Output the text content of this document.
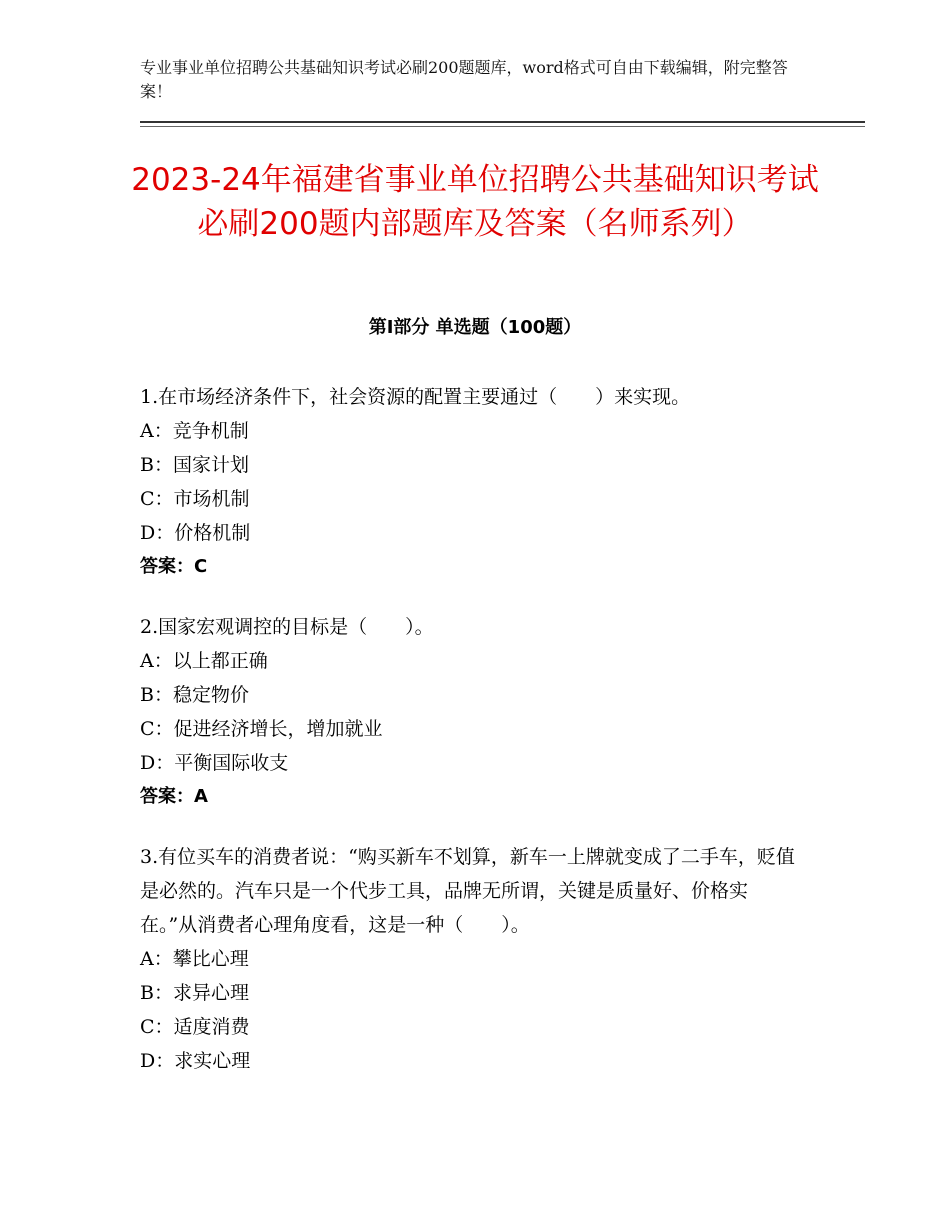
专业事业单位招聘公共基础知识考试必刷200题题库，word格式可自由下载编辑，附完整答案！
2023-24年福建省事业单位招聘公共基础知识考试必刷200题内部题库及答案（名师系列）
第Ⅰ部分 单选题（100题）

1.在市场经济条件下，社会资源的配置主要通过（　　）来实现。

A：竞争机制
B：国家计划
C：市场机制
D：价格机制

答案：C

2.国家宏观调控的目标是（　　）。

A：以上都正确
B：稳定物价
C：促进经济增长，增加就业
D：平衡国际收支

答案：A

3.有位买车的消费者说：“购买新车不划算，新车一上牌就变成了二手车，贬值是必然的。汽车只是一个代步工具，品牌无所谓，关键是质量好、价格实在。”从消费者心理角度看，这是一种（　　）。

A：攀比心理
B：求异心理
C：适度消费
D：求实心理
